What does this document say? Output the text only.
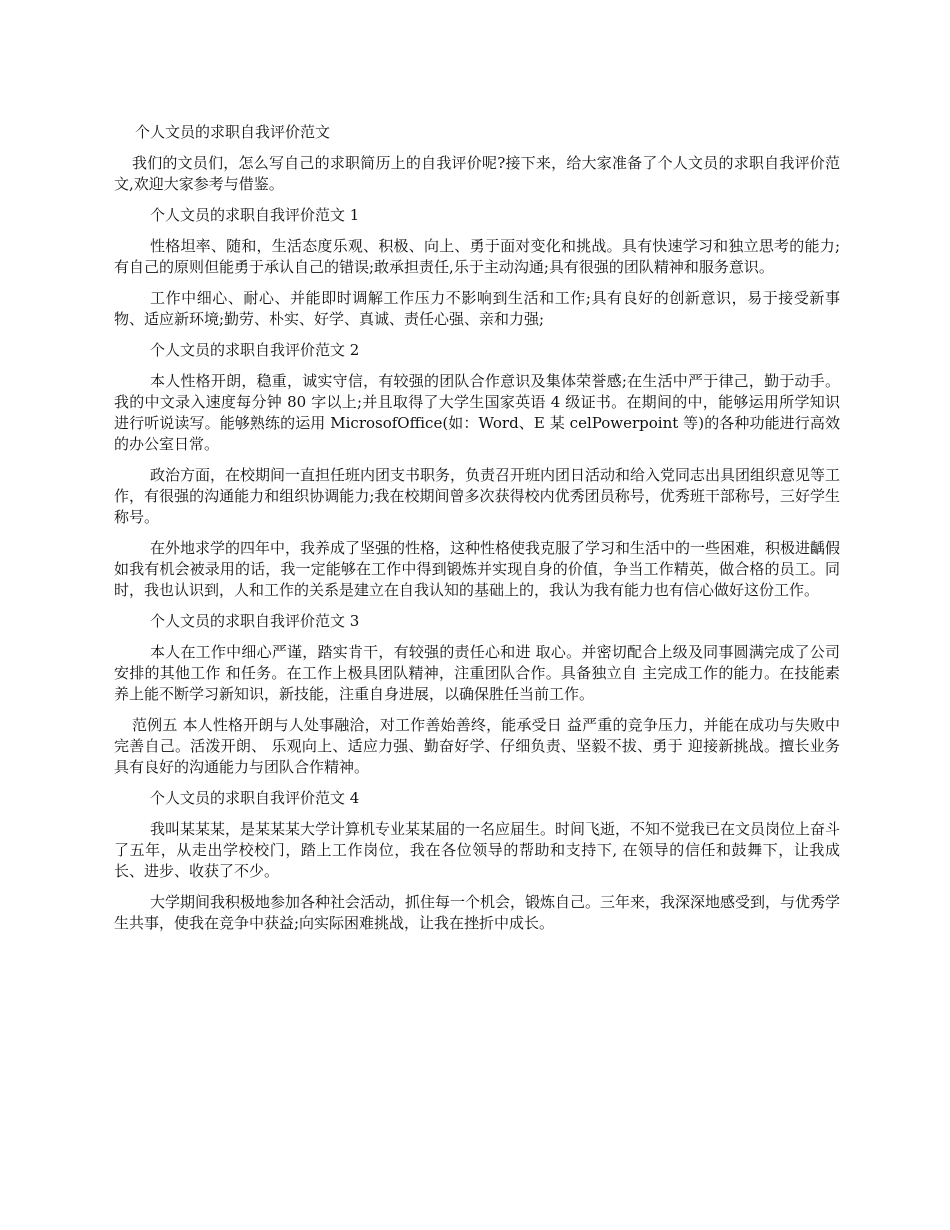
个人文员的求职自我评价范文

我们的文员们，怎么写自己的求职简历上的自我评价呢?接下来，给大家准备了个人文员的求职自我评价范文,欢迎大家参考与借鉴。

个人文员的求职自我评价范文 1

性格坦率、随和，生活态度乐观、积极、向上、勇于面对变化和挑战。具有快速学习和独立思考的能力;有自己的原则但能勇于承认自己的错误;敢承担责任,乐于主动沟通;具有很强的团队精神和服务意识。

工作中细心、耐心、并能即时调解工作压力不影响到生活和工作;具有良好的创新意识，易于接受新事物、适应新环境;勤劳、朴实、好学、真诚、责任心强、亲和力强;

个人文员的求职自我评价范文 2

本人性格开朗，稳重，诚实守信，有较强的团队合作意识及集体荣誉感;在生活中严于律己，勤于动手。我的中文录入速度每分钟 80 字以上;并且取得了大学生国家英语 4 级证书。在期间的中，能够运用所学知识进行听说读写。能够熟练的运用 MicrosofOffice(如：Word、E 某 celPowerpoint 等)的各种功能进行高效的办公室日常。

政治方面，在校期间一直担任班内团支书职务，负责召开班内团日活动和给入党同志出具团组织意见等工作，有很强的沟通能力和组织协调能力;我在校期间曾多次获得校内优秀团员称号，优秀班干部称号，三好学生称号。

在外地求学的四年中，我养成了坚强的性格，这种性格使我克服了学习和生活中的一些困难，积极进齲假如我有机会被录用的话，我一定能够在工作中得到锻炼并实现自身的价值，争当工作精英，做合格的员工。同时，我也认识到，人和工作的关系是建立在自我认知的基础上的，我认为我有能力也有信心做好这份工作。

个人文员的求职自我评价范文 3

本人在工作中细心严谨，踏实肯干，有较强的责任心和进 取心。并密切配合上级及同事圆满完成了公司安排的其他工作 和任务。在工作上极具团队精神，注重团队合作。具备独立自 主完成工作的能力。在技能素养上能不断学习新知识，新技能，注重自身进展，以确保胜任当前工作。

范例五 本人性格开朗与人处事融洽，对工作善始善终，能承受日 益严重的竞争压力，并能在成功与失败中完善自己。活泼开朗、 乐观向上、适应力强、勤奋好学、仔细负责、坚毅不拔、勇于 迎接新挑战。擅长业务具有良好的沟通能力与团队合作精神。

个人文员的求职自我评价范文 4

我叫某某某，是某某某大学计算机专业某某届的一名应届生。时间飞逝，不知不觉我已在文员岗位上奋斗了五年，从走出学校校门，踏上工作岗位，我在各位领导的帮助和支持下, 在领导的信任和鼓舞下，让我成长、进步、收获了不少。

大学期间我积极地参加各种社会活动，抓住每一个机会，锻炼自己。三年来，我深深地感受到，与优秀学生共事，使我在竞争中获益;向实际困难挑战，让我在挫折中成长。
